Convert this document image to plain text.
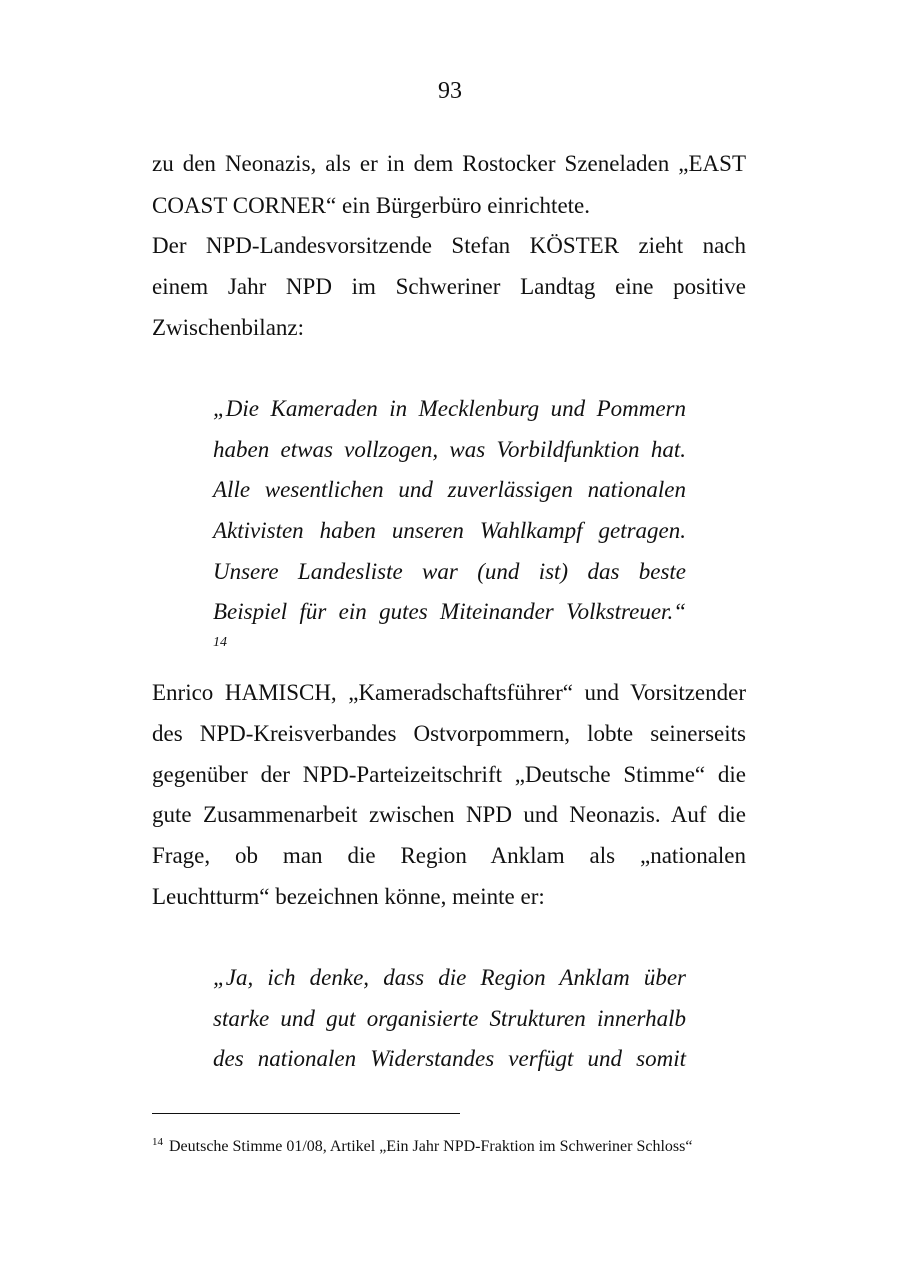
93
zu den Neonazis, als er in dem Rostocker Szeneladen „EAST
COAST CORNER“ ein Bürgerbüro einrichtete.
Der NPD-Landesvorsitzende Stefan KÖSTER zieht nach
einem Jahr NPD im Schweriner Landtag eine positive
Zwischenbilanz:
„Die Kameraden in Mecklenburg und Pommern
haben etwas vollzogen, was Vorbildfunktion hat.
Alle wesentlichen und zuverlässigen nationalen
Aktivisten haben unseren Wahlkampf getragen.
Unsere Landesliste war (und ist) das beste
Beispiel für ein gutes Miteinander Volkstreuer.“
14
Enrico HAMISCH, „Kameradschaftsführer“ und Vorsitzender
des NPD-Kreisverbandes Ostvorpommern, lobte seinerseits
gegenüber der NPD-Parteizeitschrift „Deutsche Stimme“ die
gute Zusammenarbeit zwischen NPD und Neonazis. Auf die
Frage, ob man die Region Anklam als „nationalen
Leuchtturm“ bezeichnen könne, meinte er:
„Ja, ich denke, dass die Region Anklam über
starke und gut organisierte Strukturen innerhalb
des nationalen Widerstandes verfügt und somit
$^{14}$ Deutsche Stimme 01/08, Artikel „Ein Jahr NPD-Fraktion im Schweriner Schloss“
